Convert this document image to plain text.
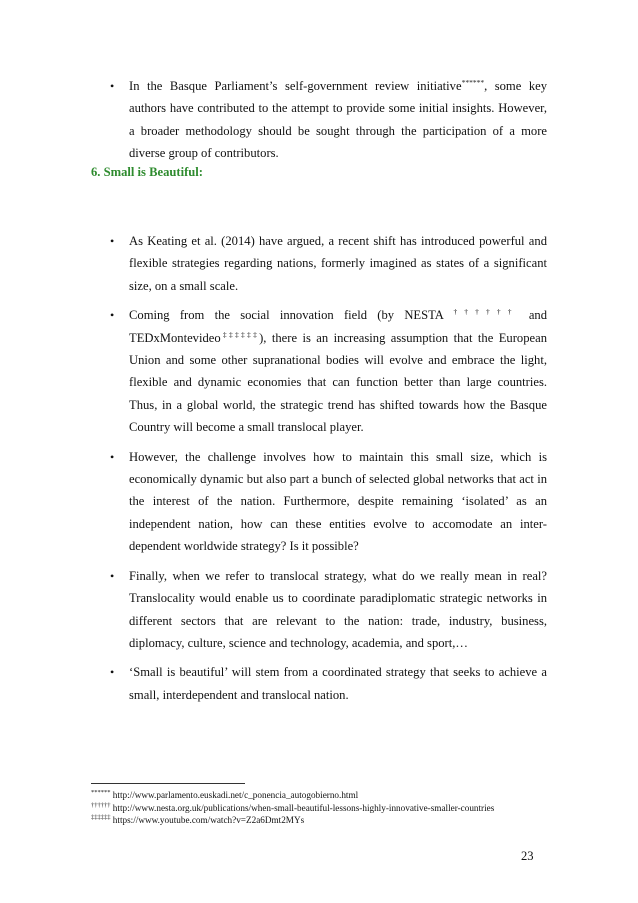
• In the Basque Parliament’s self-government review initiative******, some key authors have contributed to the attempt to provide some initial insights. However, a broader methodology should be sought through the participation of a more diverse group of contributors.
6. Small is Beautiful:
• As Keating et al. (2014) have argued, a recent shift has introduced powerful and flexible strategies regarding nations, formerly imagined as states of a significant size, on a small scale.
• Coming from the social innovation field (by NESTA †††††† and TEDxMontevideo‡‡‡‡‡‡), there is an increasing assumption that the European Union and some other supranational bodies will evolve and embrace the light, flexible and dynamic economies that can function better than large countries. Thus, in a global world, the strategic trend has shifted towards how the Basque Country will become a small translocal player.
• However, the challenge involves how to maintain this small size, which is economically dynamic but also part a bunch of selected global networks that act in the interest of the nation. Furthermore, despite remaining ‘isolated’ as an independent nation, how can these entities evolve to accomodate an inter-dependent worldwide strategy? Is it possible?
• Finally, when we refer to translocal strategy, what do we really mean in real? Translocality would enable us to coordinate paradiplomatic strategic networks in different sectors that are relevant to the nation: trade, industry, business, diplomacy, culture, science and technology, academia, and sport,…
• ‘Small is beautiful’ will stem from a coordinated strategy that seeks to achieve a small, interdependent and translocal nation.

****** http://www.parlamento.euskadi.net/c_ponencia_autogobierno.html

†††††† http://www.nesta.org.uk/publications/when-small-beautiful-lessons-highly-innovative-smaller-countries

‡‡‡‡‡‡ https://www.youtube.com/watch?v=Z2a6Dmt2MYs

23
